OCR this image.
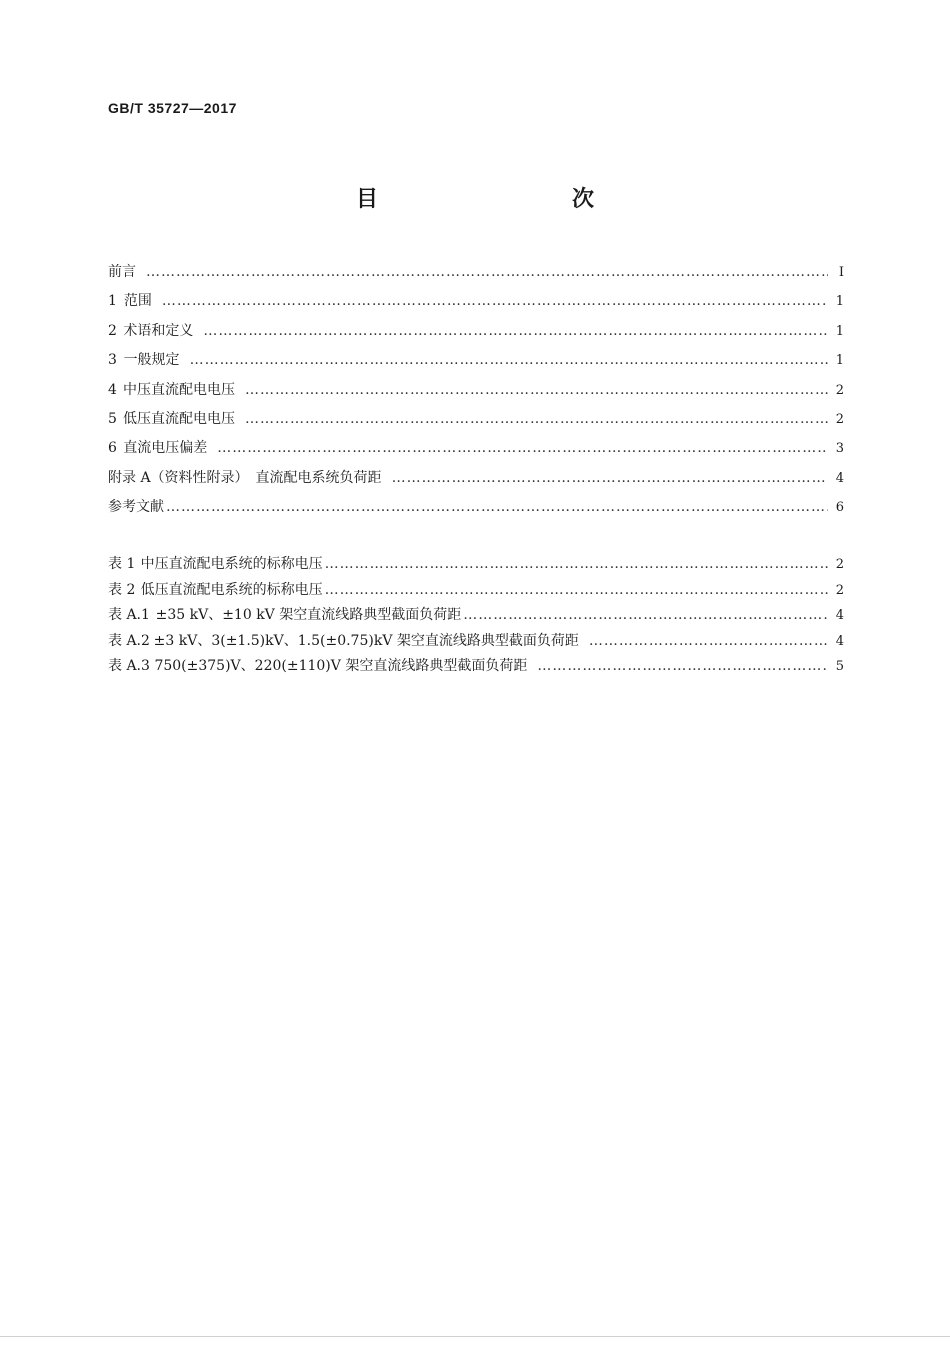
GB/T 35727—2017
目　　次
前言 ……………………………………………………………………………………………………………………………………………………………………………………………………………	Ⅰ
1 范围 ……………………………………………………………………………………………………………………………………………………………………………………………………………	1
2 术语和定义 ……………………………………………………………………………………………………………………………………………………………………………………………………………	1
3 一般规定 ……………………………………………………………………………………………………………………………………………………………………………………………………………	1
4 中压直流配电电压 ……………………………………………………………………………………………………………………………………………………………………………………………………………	2
5 低压直流配电电压 ……………………………………………………………………………………………………………………………………………………………………………………………………………	2
6 直流电压偏差 ……………………………………………………………………………………………………………………………………………………………………………………………………………	3
附录 A（资料性附录）　直流配电系统负荷距 ……………………………………………………………………………………………………………………………………………………………………………………………………………	4
参考文献 ……………………………………………………………………………………………………………………………………………………………………………………………………………	6
表 1 中压直流配电系统的标称电压 ……………………………………………………………………………………………………………………………………………………………………………………………………………	2
表 2 低压直流配电系统的标称电压 ……………………………………………………………………………………………………………………………………………………………………………………………………………	2
表 A.1 ±35 kV、±10 kV 架空直流线路典型截面负荷距 ……………………………………………………………………………………………………………………………………………………………………………………………………………	4
表 A.2 ±3 kV、3(±1.5)kV、1.5(±0.75)kV 架空直流线路典型截面负荷距 ……………………………………………………………………………………………………………………………………………………………………………………………………………	4
表 A.3 750(±375)V、220(±110)V 架空直流线路典型截面负荷距 ……………………………………………………………………………………………………………………………………………………………………………………………………………	5
